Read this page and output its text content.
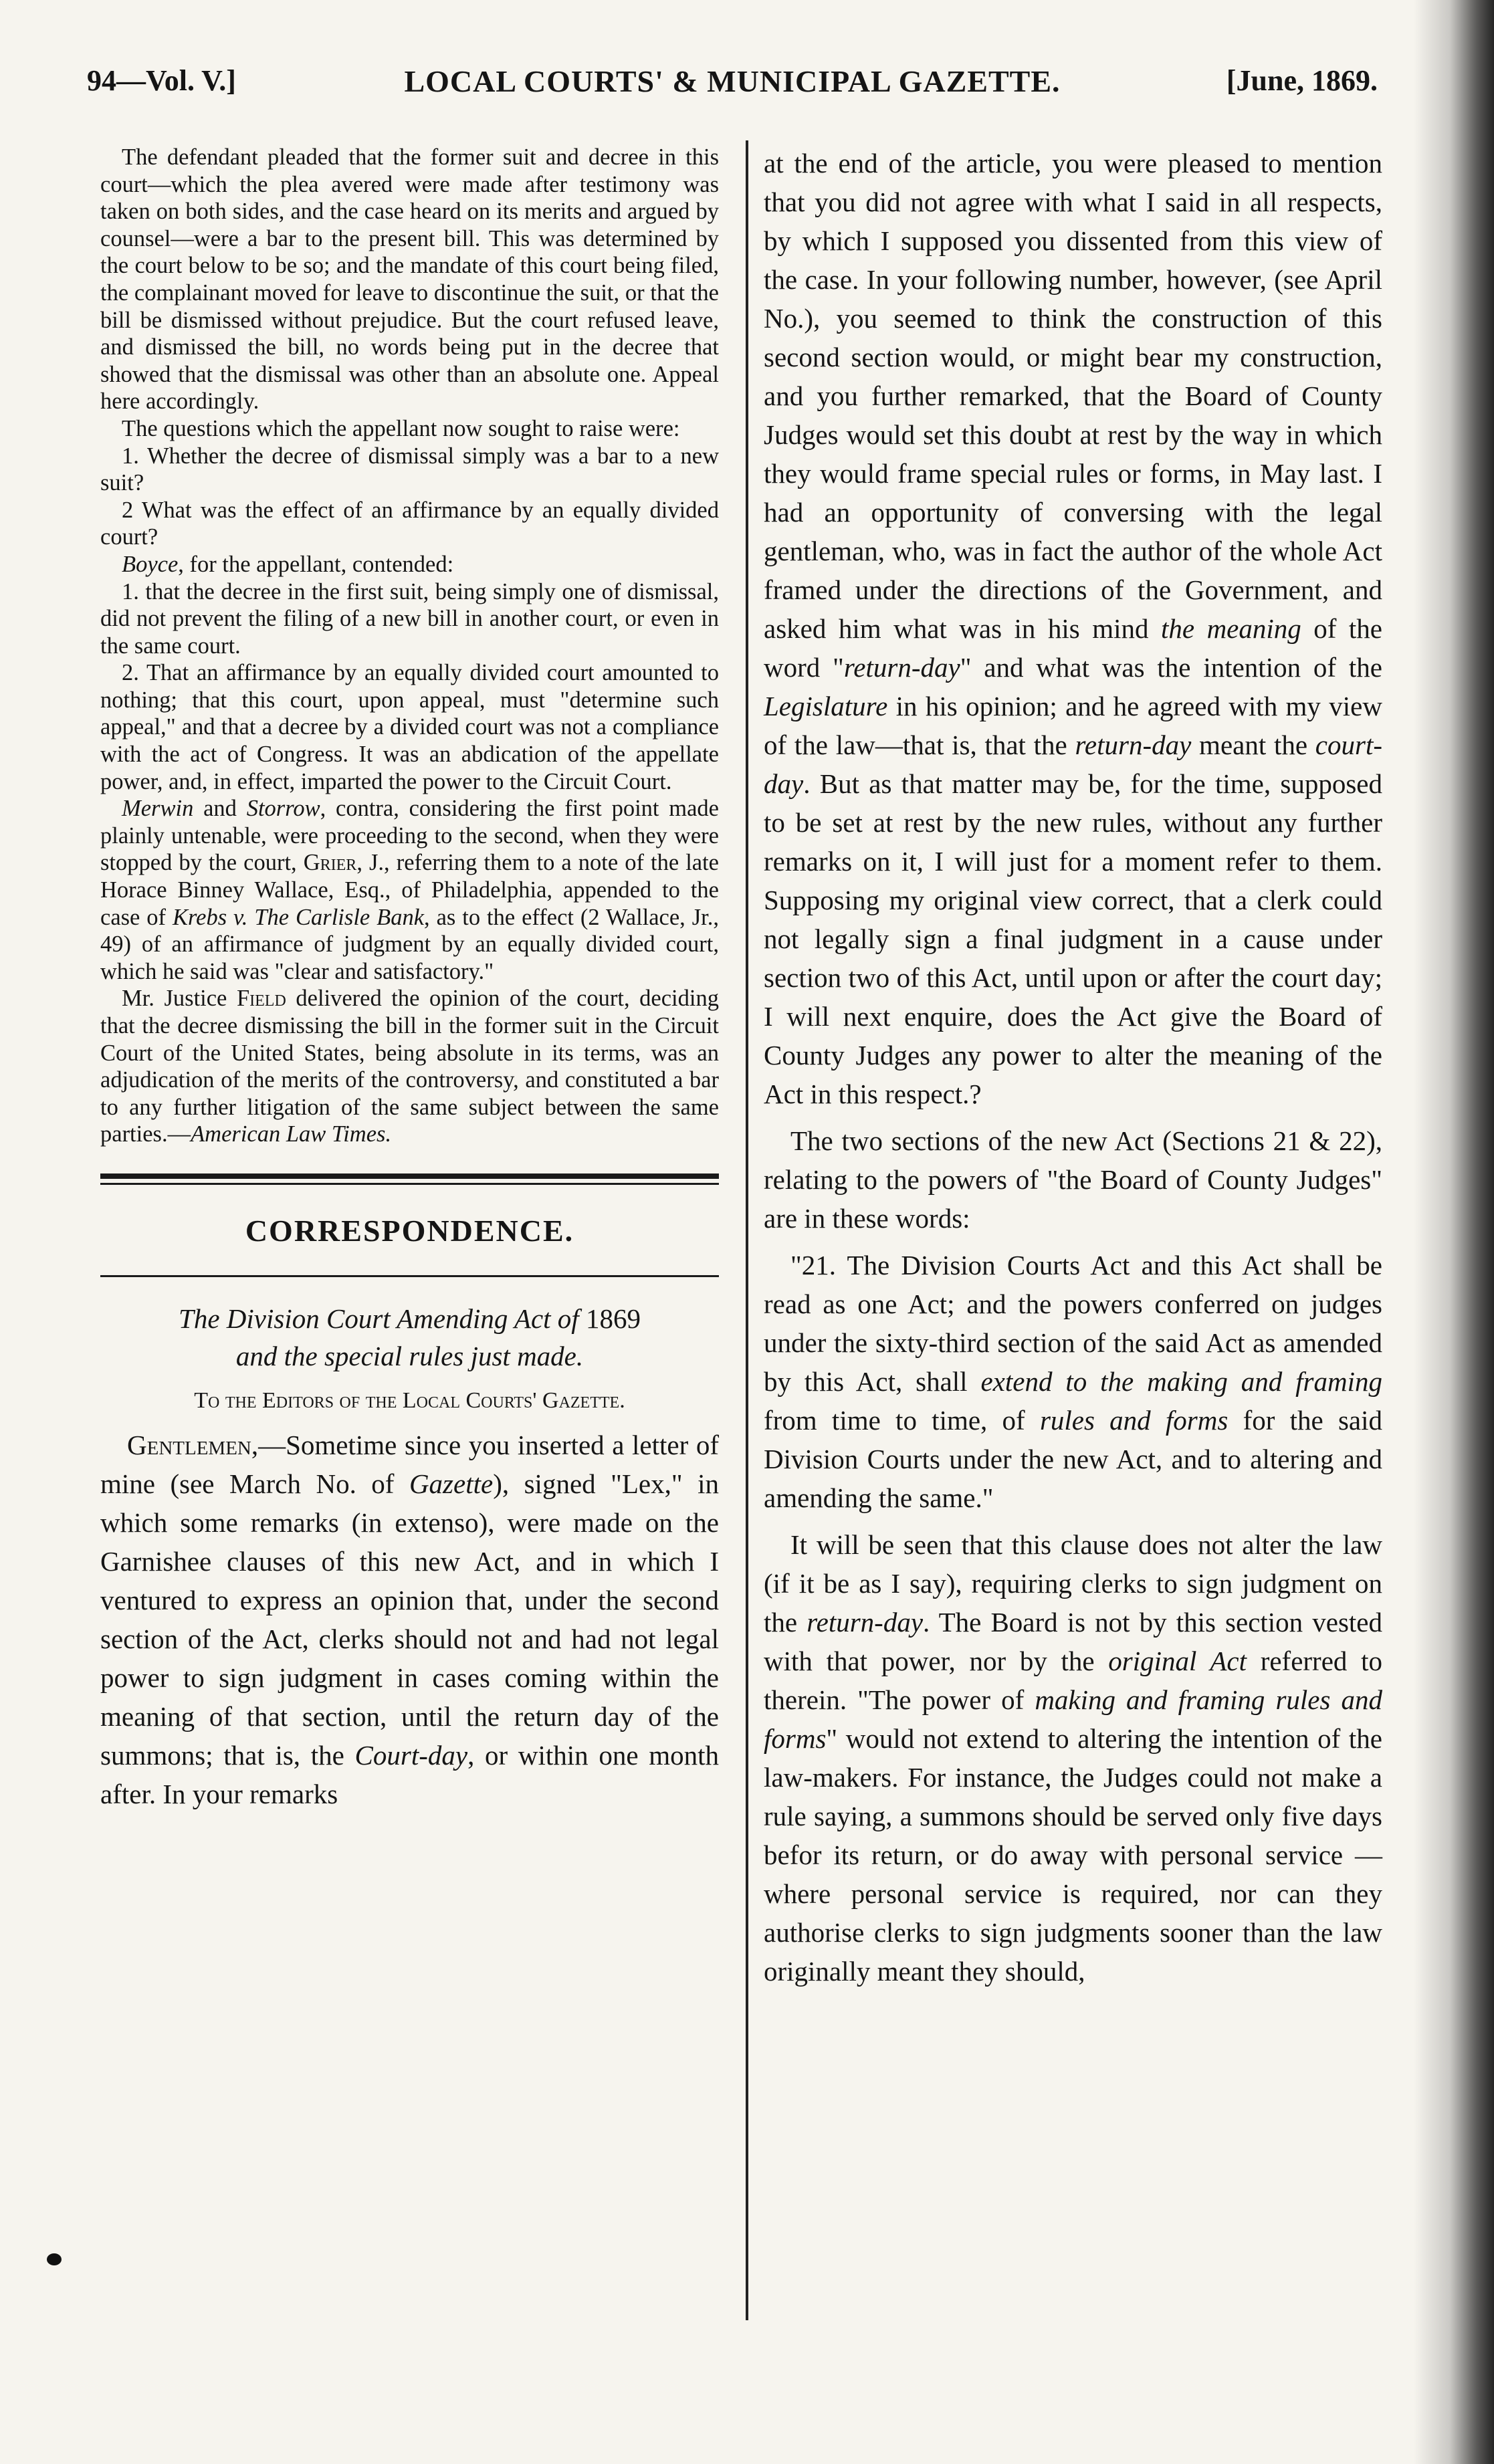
94—Vol. V.]	LOCAL COURTS' & MUNICIPAL GAZETTE.	[June, 1869.

The defendant pleaded that the former suit and decree in this court—which the plea avered were made after testimony was taken on both sides, and the case heard on its merits and argued by counsel—were a bar to the present bill. This was determined by the court below to be so; and the mandate of this court being filed, the complainant moved for leave to discontinue the suit, or that the bill be dismissed without prejudice. But the court refused leave, and dismissed the bill, no words being put in the decree that showed that the dismissal was other than an absolute one. Appeal here accordingly.

The questions which the appellant now sought to raise were:

1. Whether the decree of dismissal simply was a bar to a new suit?

2 What was the effect of an affirmance by an equally divided court?

Boyce, for the appellant, contended:

1. that the decree in the first suit, being simply one of dismissal, did not prevent the filing of a new bill in another court, or even in the same court.

2. That an affirmance by an equally divided court amounted to nothing; that this court, upon appeal, must "determine such appeal," and that a decree by a divided court was not a compliance with the act of Congress. It was an abdication of the appellate power, and, in effect, imparted the power to the Circuit Court.

Merwin and Storrow, contra, considering the first point made plainly untenable, were proceeding to the second, when they were stopped by the court, Grier, J., referring them to a note of the late Horace Binney Wallace, Esq., of Philadelphia, appended to the case of Krebs v. The Carlisle Bank, as to the effect (2 Wallace, Jr., 49) of an affirmance of judgment by an equally divided court, which he said was "clear and satisfactory."

Mr. Justice Field delivered the opinion of the court, deciding that the decree dismissing the bill in the former suit in the Circuit Court of the United States, being absolute in its terms, was an adjudication of the merits of the controversy, and constituted a bar to any further litigation of the same subject between the same parties.—American Law Times.

CORRESPONDENCE.
The Division Court Amending Act of 1869
and the special rules just made.
To the Editors of the Local Courts' Gazette.

Gentlemen,—Sometime since you inserted a letter of mine (see March No. of Gazette), signed "Lex," in which some remarks (in extenso), were made on the Garnishee clauses of this new Act, and in which I ventured to express an opinion that, under the second section of the Act, clerks should not and had not legal power to sign judgment in cases coming within the meaning of that section, until the return day of the summons; that is, the Court-day, or within one month after. In your remarks

at the end of the article, you were pleased to mention that you did not agree with what I said in all respects, by which I supposed you dissented from this view of the case. In your following number, however, (see April No.), you seemed to think the construction of this second section would, or might bear my construction, and you further remarked, that the Board of County Judges would set this doubt at rest by the way in which they would frame special rules or forms, in May last. I had an opportunity of conversing with the legal gentleman, who, was in fact the author of the whole Act framed under the directions of the Government, and asked him what was in his mind the meaning of the word "return-day" and what was the intention of the Legislature in his opinion; and he agreed with my view of the law—that is, that the return-day meant the court-day. But as that matter may be, for the time, supposed to be set at rest by the new rules, without any further remarks on it, I will just for a moment refer to them. Supposing my original view correct, that a clerk could not legally sign a final judgment in a cause under section two of this Act, until upon or after the court day; I will next enquire, does the Act give the Board of County Judges any power to alter the meaning of the Act in this respect.?

The two sections of the new Act (Sections 21 & 22), relating to the powers of "the Board of County Judges" are in these words:

"21. The Division Courts Act and this Act shall be read as one Act; and the powers conferred on judges under the sixty-third section of the said Act as amended by this Act, shall extend to the making and framing from time to time, of rules and forms for the said Division Courts under the new Act, and to altering and amending the same."

It will be seen that this clause does not alter the law (if it be as I say), requiring clerks to sign judgment on the return-day. The Board is not by this section vested with that power, nor by the original Act referred to therein. "The power of making and framing rules and forms" would not extend to altering the intention of the law-makers. For instance, the Judges could not make a rule saying, a summons should be served only five days befor its return, or do away with personal service —where personal service is required, nor can they authorise clerks to sign judgments sooner than the law originally meant they should,
